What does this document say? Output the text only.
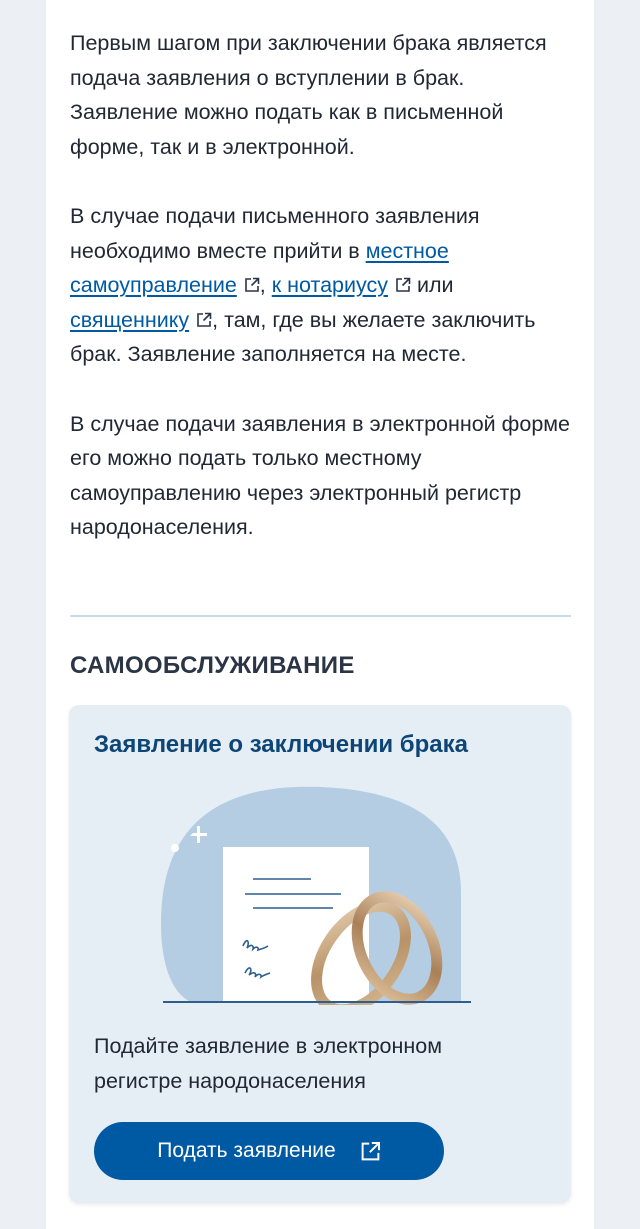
Первым шагом при заключении брака является подача заявления о вступлении в брак. Заявление можно подать как в письменной форме, так и в электронной.

В случае подачи письменного заявления необходимо вместе прийти в местное самоуправление , к нотариусу или священнику , там, где вы желаете заключить брак. Заявление заполняется на месте.

В случае подачи заявления в электронной форме его можно подать только местному самоуправлению через электронный регистр народонаселения.

САМООБСЛУЖИВАНИЕ
Заявление о заключении брака

Подайте заявление в электронном регистре народонаселения

Подать заявление
